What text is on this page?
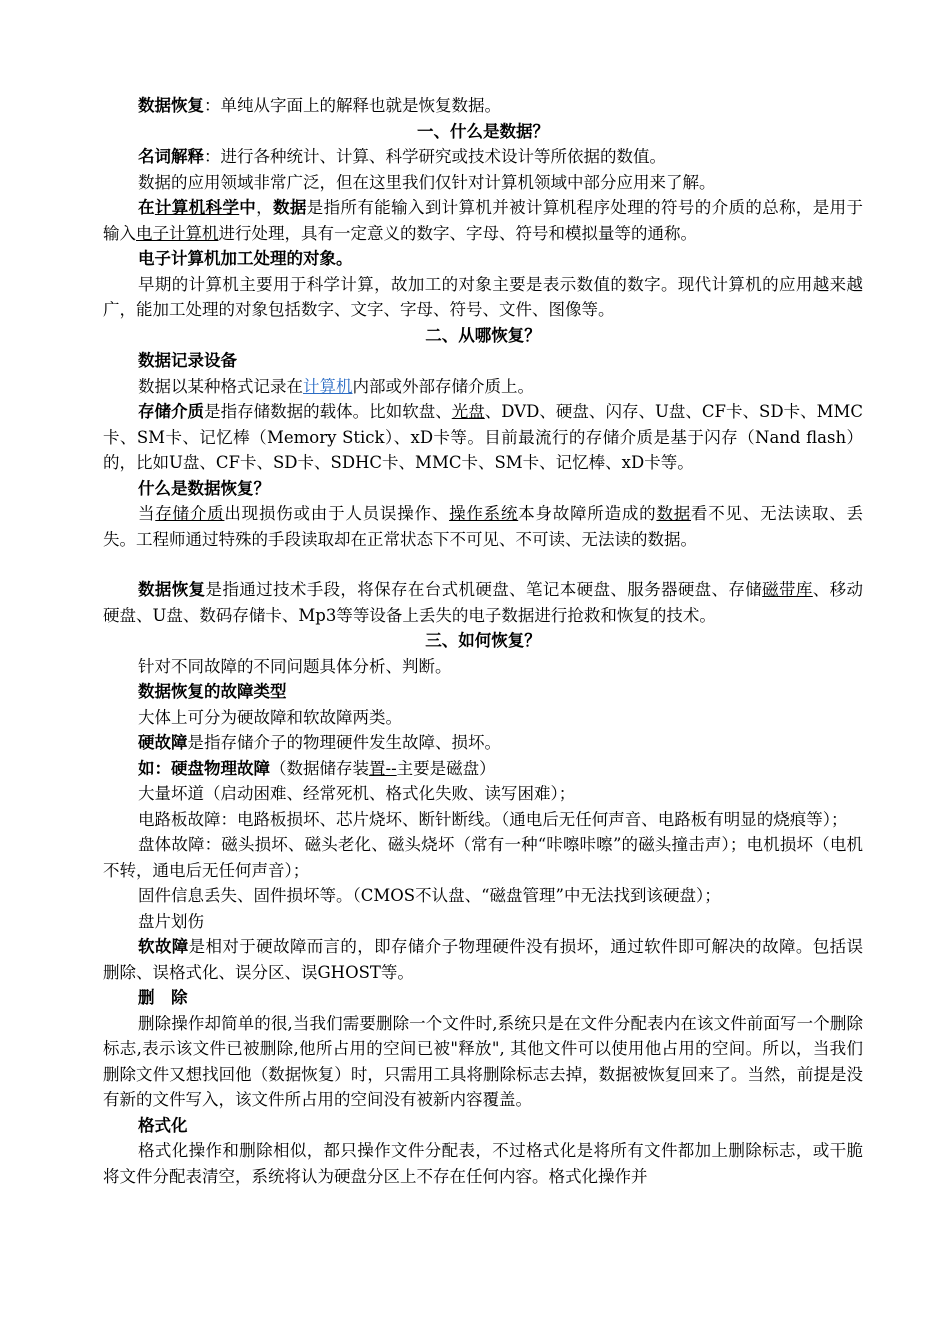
数据恢复：单纯从字面上的解释也就是恢复数据。

一、什么是数据？

名词解释：进行各种统计、计算、科学研究或技术设计等所依据的数值。

数据的应用领域非常广泛，但在这里我们仅针对计算机领域中部分应用来了解。

在计算机科学中，数据是指所有能输入到计算机并被计算机程序处理的符号的介质的总称，是用于输入电子计算机进行处理，具有一定意义的数字、字母、符号和模拟量等的通称。

电子计算机加工处理的对象。

早期的计算机主要用于科学计算，故加工的对象主要是表示数值的数字。现代计算机的应用越来越广，能加工处理的对象包括数字、文字、字母、符号、文件、图像等。

二、从哪恢复？

数据记录设备

数据以某种格式记录在计算机内部或外部存储介质上。

存储介质是指存储数据的载体。比如软盘、光盘、DVD、硬盘、闪存、U盘、CF卡、SD卡、MMC卡、SM卡、记忆棒（Memory Stick）、xD卡等。目前最流行的存储介质是基于闪存（Nand flash）的，比如U盘、CF卡、SD卡、SDHC卡、MMC卡、SM卡、记忆棒、xD卡等。

什么是数据恢复？

当存储介质出现损伤或由于人员误操作、操作系统本身故障所造成的数据看不见、无法读取、丢失。工程师通过特殊的手段读取却在正常状态下不可见、不可读、无法读的数据。

数据恢复是指通过技术手段，将保存在台式机硬盘、笔记本硬盘、服务器硬盘、存储磁带库、移动硬盘、U盘、数码存储卡、Mp3等等设备上丢失的电子数据进行抢救和恢复的技术。

三、如何恢复？

针对不同故障的不同问题具体分析、判断。

数据恢复的故障类型

大体上可分为硬故障和软故障两类。

硬故障是指存储介子的物理硬件发生故障、损坏。

如：硬盘物理故障（数据储存装置--主要是磁盘）

大量坏道（启动困难、经常死机、格式化失败、读写困难）；

电路板故障：电路板损坏、芯片烧坏、断针断线。（通电后无任何声音、电路板有明显的烧痕等）；

盘体故障：磁头损坏、磁头老化、磁头烧坏（常有一种“咔嚓咔嚓”的磁头撞击声）；电机损坏（电机不转，通电后无任何声音）；

固件信息丢失、固件损坏等。（CMOS不认盘、“磁盘管理”中无法找到该硬盘）；

盘片划伤

软故障是相对于硬故障而言的，即存储介子物理硬件没有损坏，通过软件即可解决的故障。包括误删除、误格式化、误分区、误GHOST等。

删　除

删除操作却简单的很,当我们需要删除一个文件时,系统只是在文件分配表内在该文件前面写一个删除标志,表示该文件已被删除,他所占用的空间已被"释放", 其他文件可以使用他占用的空间。所以，当我们删除文件又想找回他（数据恢复）时，只需用工具将删除标志去掉，数据被恢复回来了。当然，前提是没有新的文件写入，该文件所占用的空间没有被新内容覆盖。

格式化

格式化操作和删除相似，都只操作文件分配表，不过格式化是将所有文件都加上删除标志，或干脆将文件分配表清空，系统将认为硬盘分区上不存在任何内容。格式化操作并
